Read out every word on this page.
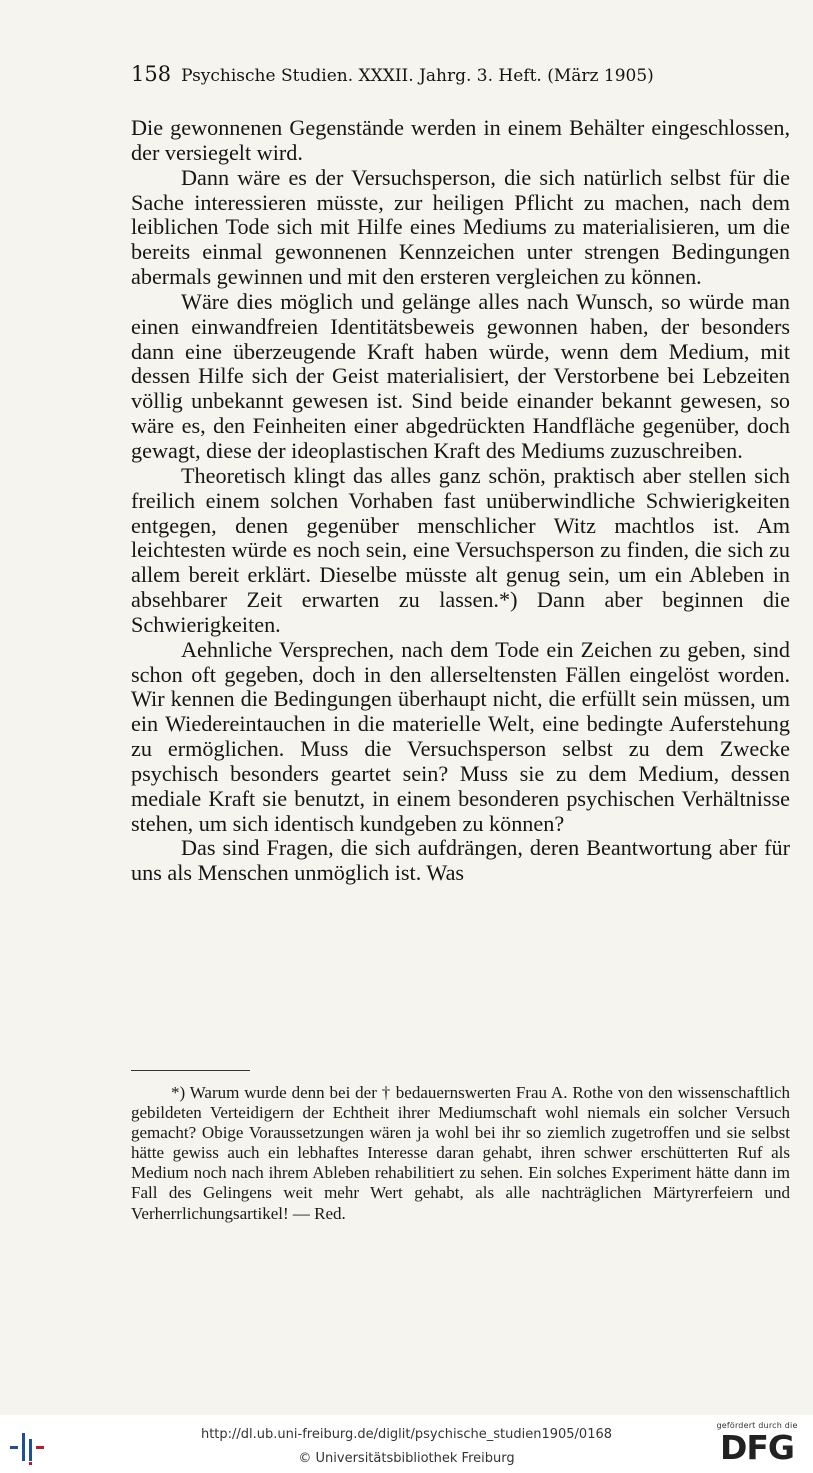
158 Psychische Studien. XXXII. Jahrg. 3. Heft. (März 1905)

Die gewonnenen Gegenstände werden in einem Behälter eingeschlossen, der versiegelt wird.

Dann wäre es der Versuchsperson, die sich natürlich selbst für die Sache interessieren müsste, zur heiligen Pflicht zu machen, nach dem leiblichen Tode sich mit Hilfe eines Mediums zu materialisieren, um die bereits einmal gewonnenen Kennzeichen unter strengen Bedingungen abermals gewinnen und mit den ersteren vergleichen zu können.

Wäre dies möglich und gelänge alles nach Wunsch, so würde man einen einwandfreien Identitätsbeweis gewonnen haben, der besonders dann eine überzeugende Kraft haben würde, wenn dem Medium, mit dessen Hilfe sich der Geist materialisiert, der Verstorbene bei Lebzeiten völlig unbekannt gewesen ist. Sind beide einander bekannt gewesen, so wäre es, den Feinheiten einer abgedrückten Handfläche gegenüber, doch gewagt, diese der ideoplastischen Kraft des Mediums zuzuschreiben.

Theoretisch klingt das alles ganz schön, praktisch aber stellen sich freilich einem solchen Vorhaben fast unüberwindliche Schwierigkeiten entgegen, denen gegenüber menschlicher Witz machtlos ist. Am leichtesten würde es noch sein, eine Versuchsperson zu finden, die sich zu allem bereit erklärt. Dieselbe müsste alt genug sein, um ein Ableben in absehbarer Zeit erwarten zu lassen.*) Dann aber beginnen die Schwierigkeiten.

Aehnliche Versprechen, nach dem Tode ein Zeichen zu geben, sind schon oft gegeben, doch in den allerseltensten Fällen eingelöst worden. Wir kennen die Bedingungen überhaupt nicht, die erfüllt sein müssen, um ein Wiedereintauchen in die materielle Welt, eine bedingte Auferstehung zu ermöglichen. Muss die Versuchsperson selbst zu dem Zwecke psychisch besonders geartet sein? Muss sie zu dem Medium, dessen mediale Kraft sie benutzt, in einem besonderen psychischen Verhältnisse stehen, um sich identisch kundgeben zu können?

Das sind Fragen, die sich aufdrängen, deren Beantwortung aber für uns als Menschen unmöglich ist. Was

*) Warum wurde denn bei der † bedauernswerten Frau A. Rothe von den wissenschaftlich gebildeten Verteidigern der Echtheit ihrer Mediumschaft wohl niemals ein solcher Versuch gemacht? Obige Voraussetzungen wären ja wohl bei ihr so ziemlich zugetroffen und sie selbst hätte gewiss auch ein lebhaftes Interesse daran gehabt, ihren schwer erschütterten Ruf als Medium noch nach ihrem Ableben rehabilitiert zu sehen. Ein solches Experiment hätte dann im Fall des Gelingens weit mehr Wert gehabt, als alle nachträglichen Märtyrerfeiern und Verherrlichungsartikel! — Red.

http://dl.ub.uni-freiburg.de/diglit/psychische_studien1905/0168
© Universitätsbibliothek Freiburg
gefördert durch die
DFG
